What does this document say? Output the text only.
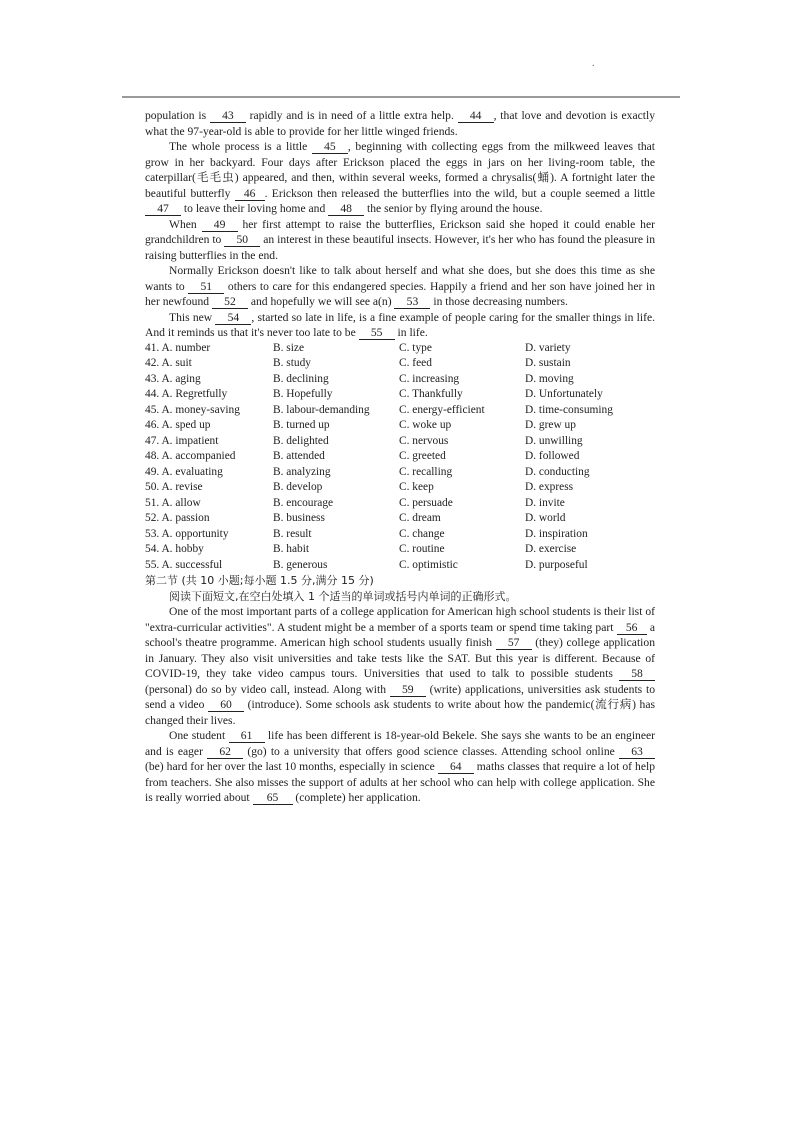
.

population is 43 rapidly and is in need of a little extra help. 44 , that love and devotion is exactly what the 97-year-old is able to provide for her little winged friends.

The whole process is a little 45 , beginning with collecting eggs from the milkweed leaves that grow in her backyard. Four days after Erickson placed the eggs in jars on her living-room table, the caterpillar(毛毛虫) appeared, and then, within several weeks, formed a chrysalis(蛹). A fortnight later the beautiful butterfly 46 . Erickson then released the butterflies into the wild, but a couple seemed a little 47 to leave their loving home and 48 the senior by flying around the house.

When 49 her first attempt to raise the butterflies, Erickson said she hoped it could enable her grandchildren to 50 an interest in these beautiful insects. However, it's her who has found the pleasure in raising butterflies in the end.

Normally Erickson doesn't like to talk about herself and what she does, but she does this time as she wants to 51 others to care for this endangered species. Happily a friend and her son have joined her in her newfound 52 and hopefully we will see a(n) 53 in those decreasing numbers.

This new 54 , started so late in life, is a fine example of people caring for the smaller things in life. And it reminds us that it's never too late to be 55 in life.

41. A. number	B. size	C. type	D. variety
42. A. suit	B. study	C. feed	D. sustain
43. A. aging	B. declining	C. increasing	D. moving
44. A. Regretfully	B. Hopefully	C. Thankfully	D. Unfortunately
45. A. money-saving	B. labour-demanding	C. energy-efficient	D. time-consuming
46. A. sped up	B. turned up	C. woke up	D. grew up
47. A. impatient	B. delighted	C. nervous	D. unwilling
48. A. accompanied	B. attended	C. greeted	D. followed
49. A. evaluating	B. analyzing	C. recalling	D. conducting
50. A. revise	B. develop	C. keep	D. express
51. A. allow	B. encourage	C. persuade	D. invite
52. A. passion	B. business	C. dream	D. world
53. A. opportunity	B. result	C. change	D. inspiration
54. A. hobby	B. habit	C. routine	D. exercise
55. A. successful	B. generous	C. optimistic	D. purposeful

第二节 (共 10 小题;每小题 1.5 分,满分 15 分)

阅读下面短文,在空白处填入 1 个适当的单词或括号内单词的正确形式。

One of the most important parts of a college application for American high school students is their list of "extra-curricular activities". A student might be a member of a sports team or spend time taking part 56 a school's theatre programme. American high school students usually finish 57 (they) college application in January. They also visit universities and take tests like the SAT. But this year is different. Because of COVID-19, they take video campus tours. Universities that used to talk to possible students 58 (personal) do so by video call, instead. Along with 59 (write) applications, universities ask students to send a video 60 (introduce). Some schools ask students to write about how the pandemic(流行病) has changed their lives.

One student 61 life has been different is 18-year-old Bekele. She says she wants to be an engineer and is eager 62 (go) to a university that offers good science classes. Attending school online 63 (be) hard for her over the last 10 months, especially in science 64 maths classes that require a lot of help from teachers. She also misses the support of adults at her school who can help with college application. She is really worried about 65 (complete) her application.
